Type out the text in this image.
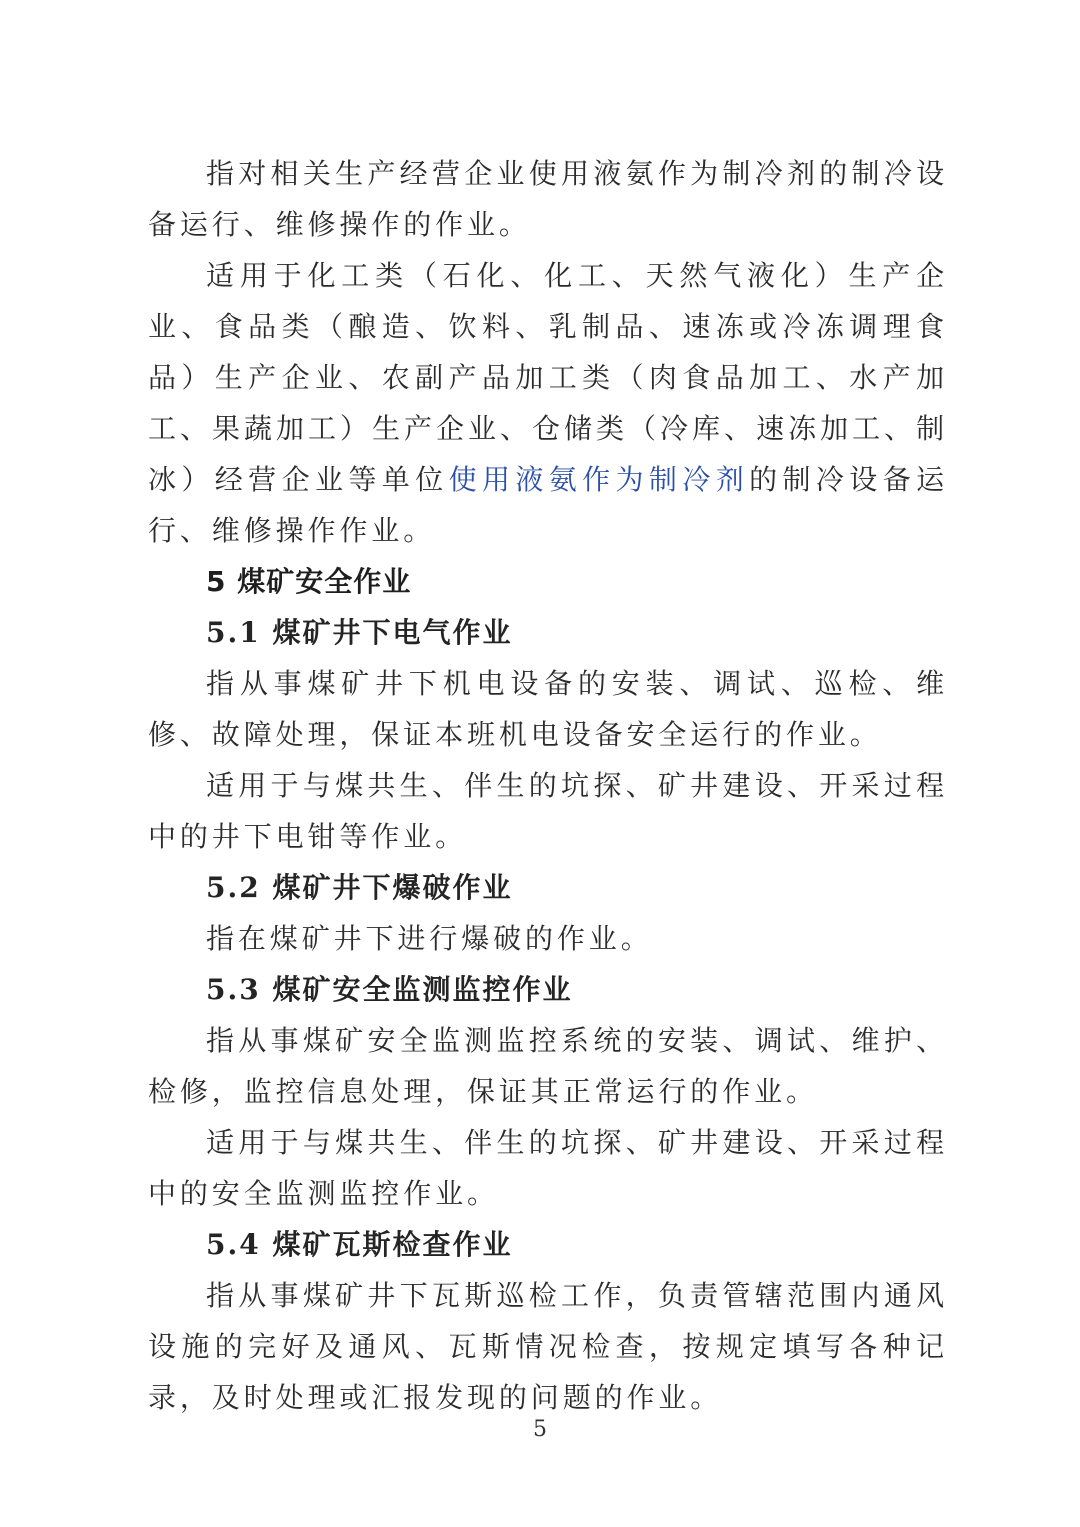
指对相关生产经营企业使用液氨作为制冷剂的制冷设备运行、维修操作的作业。

适用于化工类（石化、化工、天然气液化）生产企业、食品类（酿造、饮料、乳制品、速冻或冷冻调理食品）生产企业、农副产品加工类（肉食品加工、水产加工、果蔬加工）生产企业、仓储类（冷库、速冻加工、制冰）经营企业等单位使用液氨作为制冷剂的制冷设备运行、维修操作作业。

5 煤矿安全作业

5.1 煤矿井下电气作业

指从事煤矿井下机电设备的安装、调试、巡检、维修、故障处理，保证本班机电设备安全运行的作业。

适用于与煤共生、伴生的坑探、矿井建设、开采过程中的井下电钳等作业。

5.2 煤矿井下爆破作业

指在煤矿井下进行爆破的作业。

5.3 煤矿安全监测监控作业

指从事煤矿安全监测监控系统的安装、调试、维护、检修，监控信息处理，保证其正常运行的作业。

适用于与煤共生、伴生的坑探、矿井建设、开采过程中的安全监测监控作业。

5.4 煤矿瓦斯检查作业

指从事煤矿井下瓦斯巡检工作，负责管辖范围内通风设施的完好及通风、瓦斯情况检查，按规定填写各种记录，及时处理或汇报发现的问题的作业。

5
